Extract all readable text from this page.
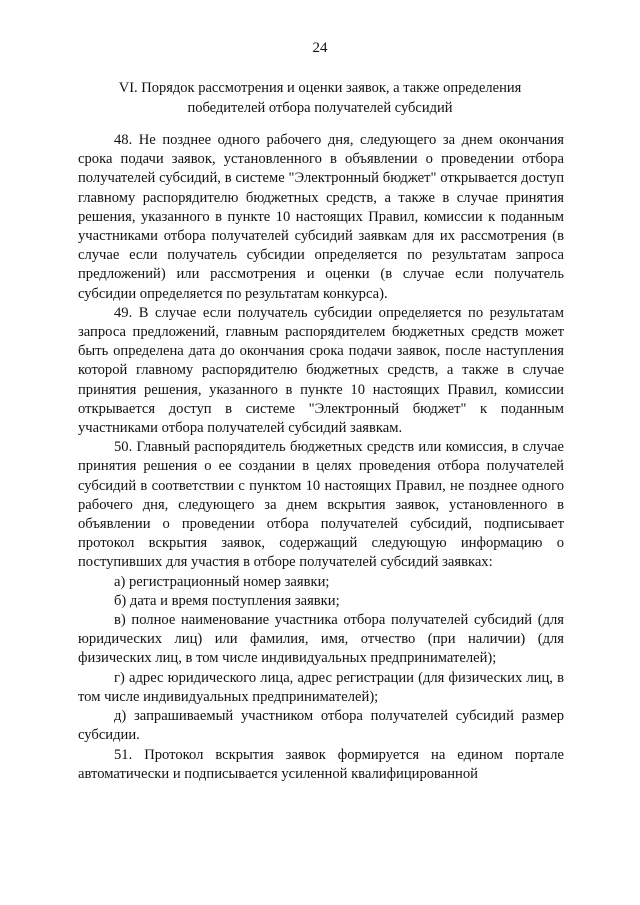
24
VI. Порядок рассмотрения и оценки заявок, а также определения
победителей отбора получателей субсидий

48. Не позднее одного рабочего дня, следующего за днем окончания срока подачи заявок, установленного в объявлении о проведении отбора получателей субсидий, в системе "Электронный бюджет" открывается доступ главному распорядителю бюджетных средств, а также в случае принятия решения, указанного в пункте 10 настоящих Правил, комиссии к поданным участниками отбора получателей субсидий заявкам для их рассмотрения (в случае если получатель субсидии определяется по результатам запроса предложений) или рассмотрения и оценки (в случае если получатель субсидии определяется по результатам конкурса).

49. В случае если получатель субсидии определяется по результатам запроса предложений, главным распорядителем бюджетных средств может быть определена дата до окончания срока подачи заявок, после наступления которой главному распорядителю бюджетных средств, а также в случае принятия решения, указанного в пункте 10 настоящих Правил, комиссии открывается доступ в системе "Электронный бюджет" к поданным участниками отбора получателей субсидий заявкам.

50. Главный распорядитель бюджетных средств или комиссия, в случае принятия решения о ее создании в целях проведения отбора получателей субсидий в соответствии с пунктом 10 настоящих Правил, не позднее одного рабочего дня, следующего за днем вскрытия заявок, установленного в объявлении о проведении отбора получателей субсидий, подписывает протокол вскрытия заявок, содержащий следующую информацию о поступивших для участия в отборе получателей субсидий заявках:

а) регистрационный номер заявки;

б) дата и время поступления заявки;

в) полное наименование участника отбора получателей субсидий (для юридических лиц) или фамилия, имя, отчество (при наличии) (для физических лиц, в том числе индивидуальных предпринимателей);

г) адрес юридического лица, адрес регистрации (для физических лиц, в том числе индивидуальных предпринимателей);

д) запрашиваемый участником отбора получателей субсидий размер субсидии.

51. Протокол вскрытия заявок формируется на едином портале автоматически и подписывается усиленной квалифицированной
